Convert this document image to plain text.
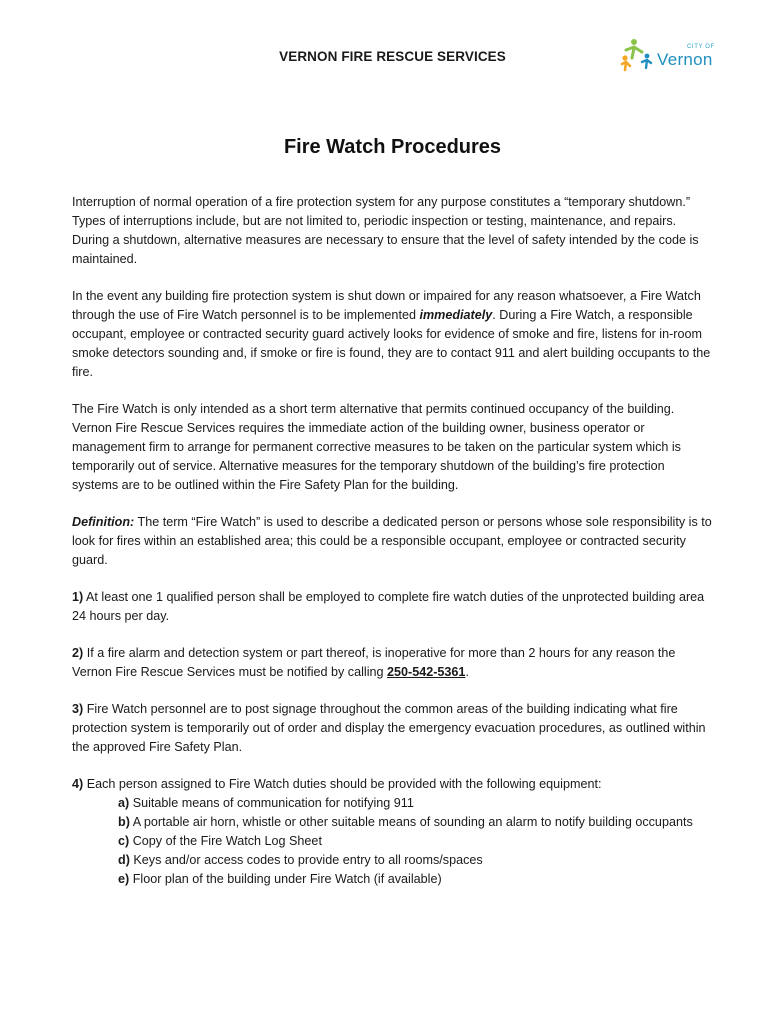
VERNON FIRE RESCUE SERVICES
CITY OF
Vernon
Fire Watch Procedures

Interruption of normal operation of a fire protection system for any purpose constitutes a “temporary shutdown.” Types of interruptions include, but are not limited to, periodic inspection or testing, maintenance, and repairs. During a shutdown, alternative measures are necessary to ensure that the level of safety intended by the code is maintained.

In the event any building fire protection system is shut down or impaired for any reason whatsoever, a Fire Watch through the use of Fire Watch personnel is to be implemented immediately. During a Fire Watch, a responsible occupant, employee or contracted security guard actively looks for evidence of smoke and fire, listens for in-room smoke detectors sounding and, if smoke or fire is found, they are to contact 911 and alert building occupants to the fire.

The Fire Watch is only intended as a short term alternative that permits continued occupancy of the building. Vernon Fire Rescue Services requires the immediate action of the building owner, business operator or management firm to arrange for permanent corrective measures to be taken on the particular system which is temporarily out of service. Alternative measures for the temporary shutdown of the building’s fire protection systems are to be outlined within the Fire Safety Plan for the building.

Definition: The term “Fire Watch” is used to describe a dedicated person or persons whose sole responsibility is to look for fires within an established area; this could be a responsible occupant, employee or contracted security guard.

1) At least one 1 qualified person shall be employed to complete fire watch duties of the unprotected building area 24 hours per day.

2) If a fire alarm and detection system or part thereof, is inoperative for more than 2 hours for any reason the Vernon Fire Rescue Services must be notified by calling 250-542-5361.

3) Fire Watch personnel are to post signage throughout the common areas of the building indicating what fire protection system is temporarily out of order and display the emergency evacuation procedures, as outlined within the approved Fire Safety Plan.

4) Each person assigned to Fire Watch duties should be provided with the following equipment:

a) Suitable means of communication for notifying 911
b) A portable air horn, whistle or other suitable means of sounding an alarm to notify building occupants
c) Copy of the Fire Watch Log Sheet
d) Keys and/or access codes to provide entry to all rooms/spaces
e) Floor plan of the building under Fire Watch (if available)
